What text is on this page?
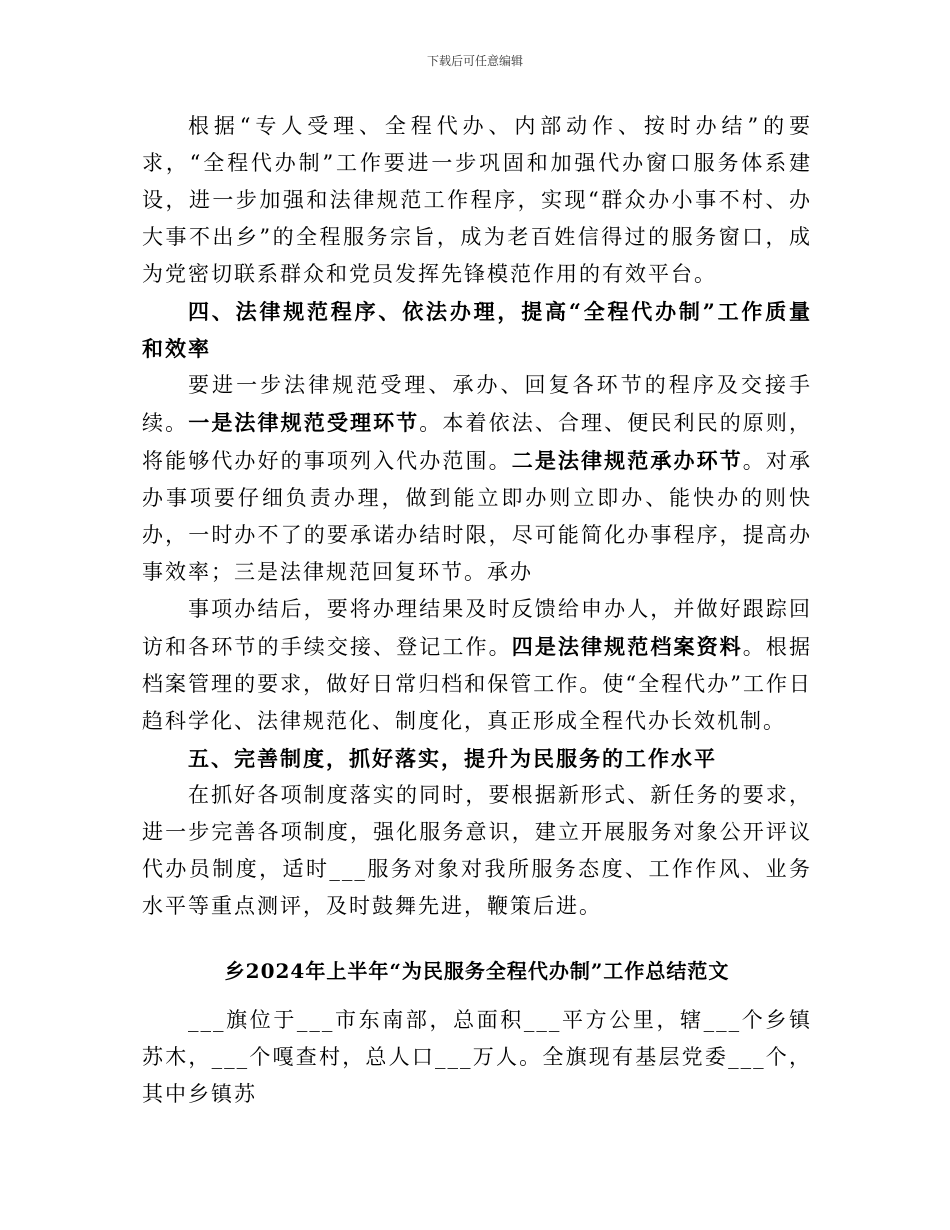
下载后可任意编辑

根据“专人受理、全程代办、内部动作、按时办结”的要求，“全程代办制”工作要进一步巩固和加强代办窗口服务体系建设，进一步加强和法律规范工作程序，实现“群众办小事不村、办大事不出乡”的全程服务宗旨，成为老百姓信得过的服务窗口，成为党密切联系群众和党员发挥先锋模范作用的有效平台。

四、法律规范程序、依法办理，提高“全程代办制”工作质量和效率

要进一步法律规范受理、承办、回复各环节的程序及交接手续。一是法律规范受理环节。本着依法、合理、便民利民的原则，将能够代办好的事项列入代办范围。二是法律规范承办环节。对承办事项要仔细负责办理，做到能立即办则立即办、能快办的则快办，一时办不了的要承诺办结时限，尽可能简化办事程序，提高办事效率；三是法律规范回复环节。承办

事项办结后，要将办理结果及时反馈给申办人，并做好跟踪回访和各环节的手续交接、登记工作。四是法律规范档案资料。根据档案管理的要求，做好日常归档和保管工作。使“全程代办”工作日趋科学化、法律规范化、制度化，真正形成全程代办长效机制。

五、完善制度，抓好落实，提升为民服务的工作水平

在抓好各项制度落实的同时，要根据新形式、新任务的要求，进一步完善各项制度，强化服务意识，建立开展服务对象公开评议代办员制度，适时___服务对象对我所服务态度、工作作风、业务水平等重点测评，及时鼓舞先进，鞭策后进。

乡2024年上半年“为民服务全程代办制”工作总结范文

___旗位于___市东南部，总面积___平方公里，辖___个乡镇苏木，___个嘎查村，总人口___万人。全旗现有基层党委___个，其中乡镇苏
